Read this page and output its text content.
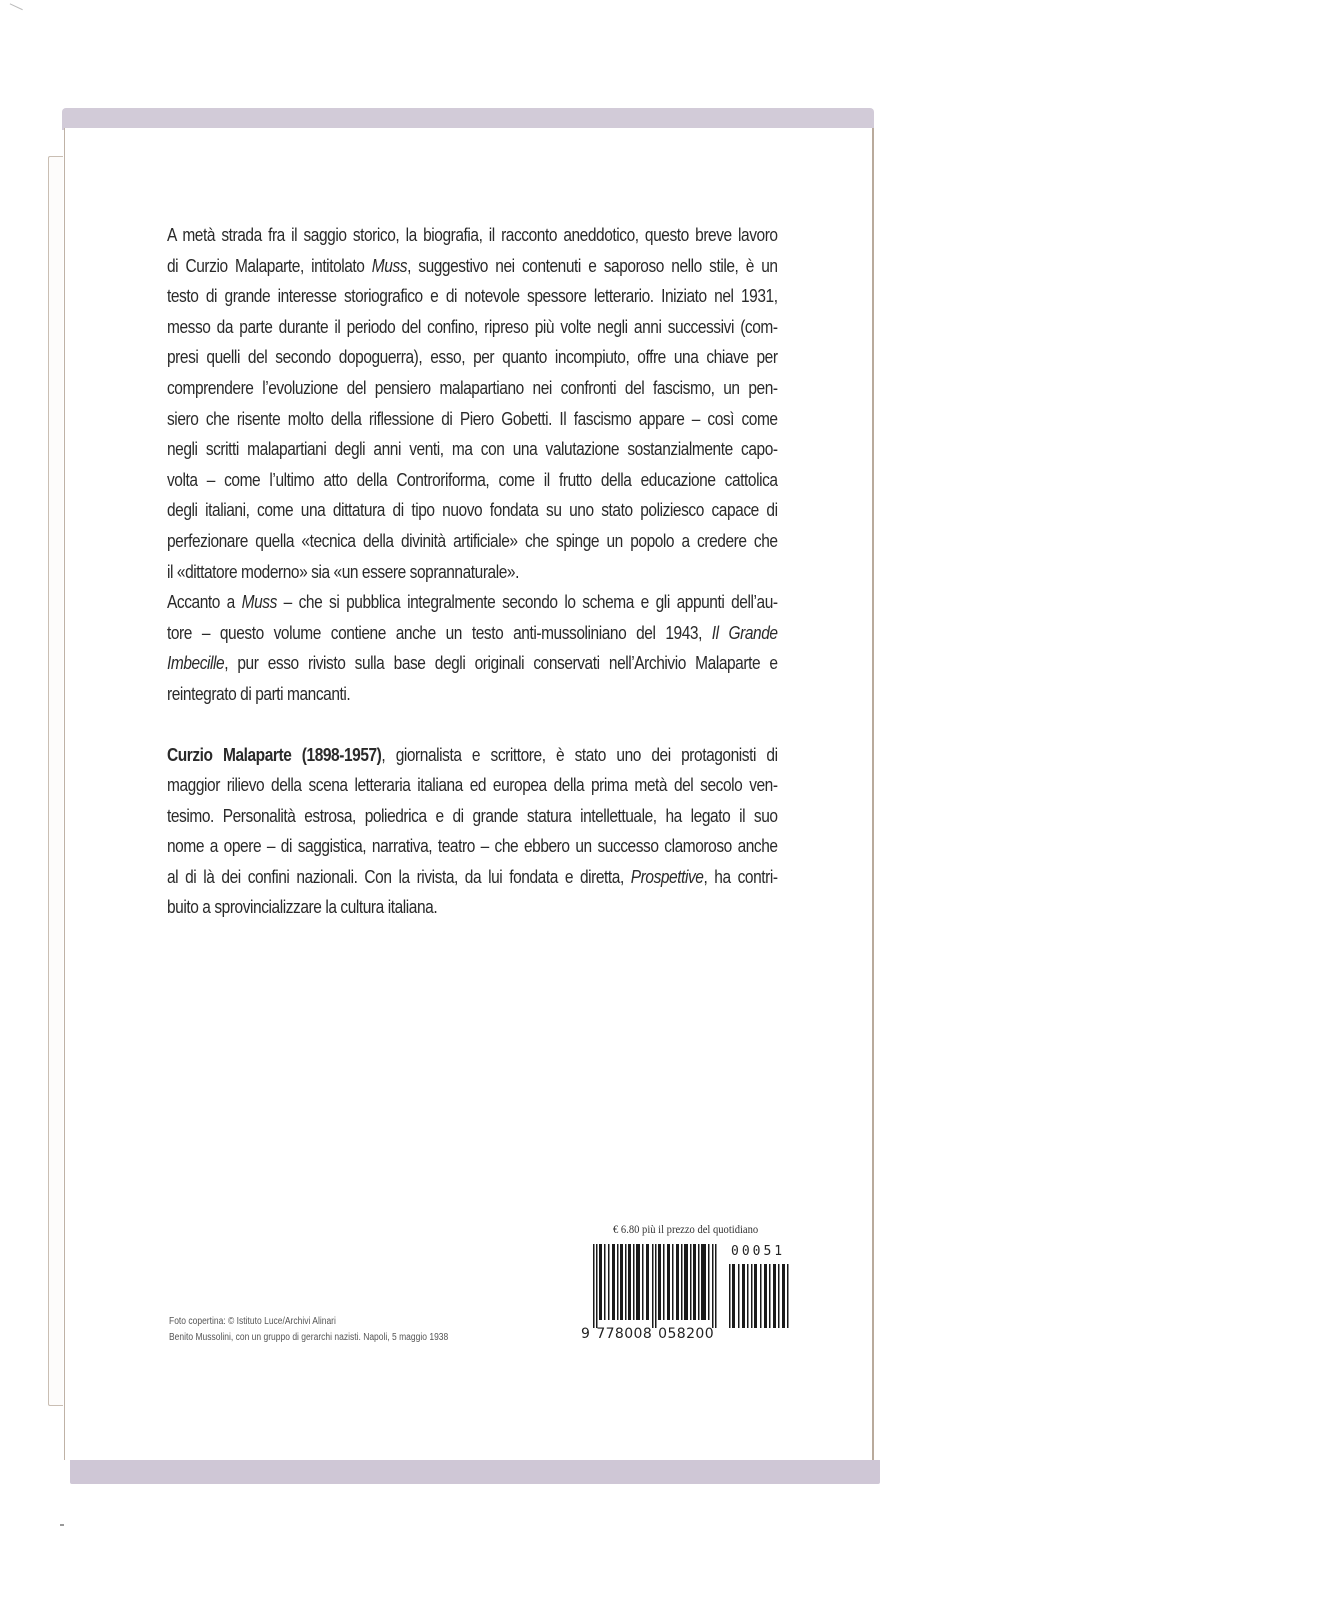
A metà strada fra il saggio storico, la biografia, il racconto aneddotico, questo breve lavoro
di Curzio Malaparte, intitolato Muss, suggestivo nei contenuti e saporoso nello stile, è un
testo di grande interesse storiografico e di notevole spessore letterario. Iniziato nel 1931,
messo da parte durante il periodo del confino, ripreso più volte negli anni successivi (com-
presi quelli del secondo dopoguerra), esso, per quanto incompiuto, offre una chiave per
comprendere l’evoluzione del pensiero malapartiano nei confronti del fascismo, un pen-
siero che risente molto della riflessione di Piero Gobetti. Il fascismo appare – così come
negli scritti malapartiani degli anni venti, ma con una valutazione sostanzialmente capo-
volta – come l’ultimo atto della Controriforma, come il frutto della educazione cattolica
degli italiani, come una dittatura di tipo nuovo fondata su uno stato poliziesco capace di
perfezionare quella «tecnica della divinità artificiale» che spinge un popolo a credere che
il «dittatore moderno» sia «un essere soprannaturale».

Accanto a Muss – che si pubblica integralmente secondo lo schema e gli appunti dell’au-
tore – questo volume contiene anche un testo anti-mussoliniano del 1943, Il Grande
Imbecille, pur esso rivisto sulla base degli originali conservati nell’Archivio Malaparte e
reintegrato di parti mancanti.

Curzio Malaparte (1898-1957), giornalista e scrittore, è stato uno dei protagonisti di
maggior rilievo della scena letteraria italiana ed europea della prima metà del secolo ven-
tesimo. Personalità estrosa, poliedrica e di grande statura intellettuale, ha legato il suo
nome a opere – di saggistica, narrativa, teatro – che ebbero un successo clamoroso anche
al di là dei confini nazionali. Con la rivista, da lui fondata e diretta, Prospettive, ha contri-
buito a sprovincializzare la cultura italiana.

Foto copertina: © Istituto Luce/Archivi Alinari
Benito Mussolini, con un gruppo di gerarchi nazisti. Napoli, 5 maggio 1938
€ 6.80 più il prezzo del quotidiano
00051
9 778008 058200
